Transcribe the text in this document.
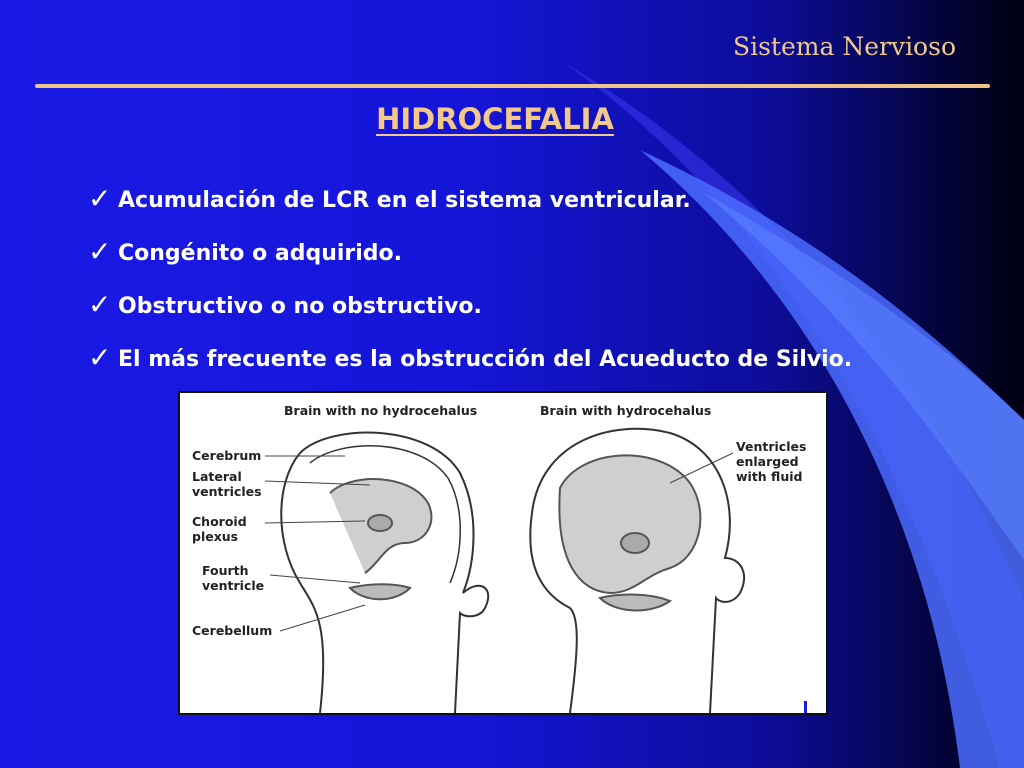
Sistema Nervioso
HIDROCEFALIA
✓ Acumulación de LCR en el sistema ventricular.
✓ Congénito o adquirido.
✓ Obstructivo o no obstructivo.
✓ El más frecuente es la obstrucción del Acueducto de Silvio.
Brain with no hydrocehalus	Brain with hydrocehalus
Cerebrum
Lateral
ventricles
Choroid
plexus
Fourth
ventricle
Cerebellum
Ventricles
enlarged
with fluid
